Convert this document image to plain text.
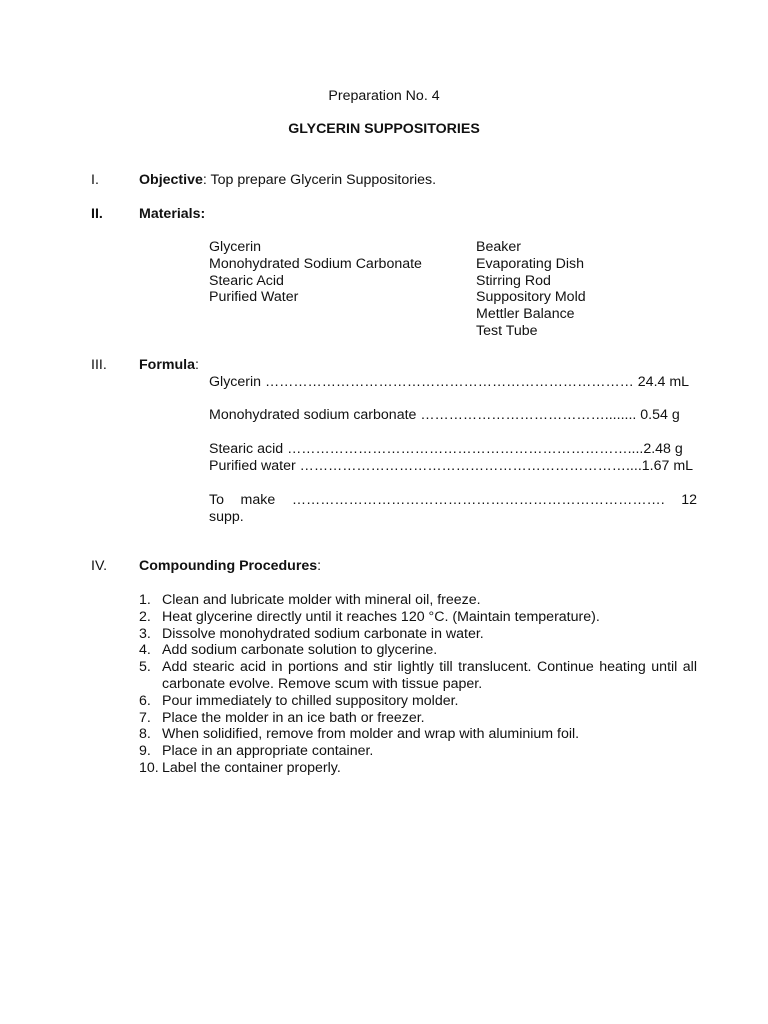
Preparation No. 4
GLYCERIN SUPPOSITORIES
I.	Objective: Top prepare Glycerin Suppositories.
II.	Materials:
Glycerin
Monohydrated Sodium Carbonate
Stearic Acid
Purified Water
Beaker
Evaporating Dish
Stirring Rod
Suppository Mold
Mettler Balance
Test Tube
III. Formula:
Glycerin …………………………………………………………………… 24.4 mL
Monohydrated sodium carbonate …………………………………........ 0.54 g
Stearic acid ………………………………………………………………....2.48 g
Purified water ……………………………………………………………....1.67 mL
To make ……………………………………………………………………. 12 supp.
IV. Compounding Procedures:
1. Clean and lubricate molder with mineral oil, freeze.
2. Heat glycerine directly until it reaches 120 °C. (Maintain temperature).
3. Dissolve monohydrated sodium carbonate in water.
4. Add sodium carbonate solution to glycerine.
5. Add stearic acid in portions and stir lightly till translucent. Continue heating until all carbonate evolve. Remove scum with tissue paper.
6. Pour immediately to chilled suppository molder.
7. Place the molder in an ice bath or freezer.
8. When solidified, remove from molder and wrap with aluminium foil.
9. Place in an appropriate container.
10. Label the container properly.
